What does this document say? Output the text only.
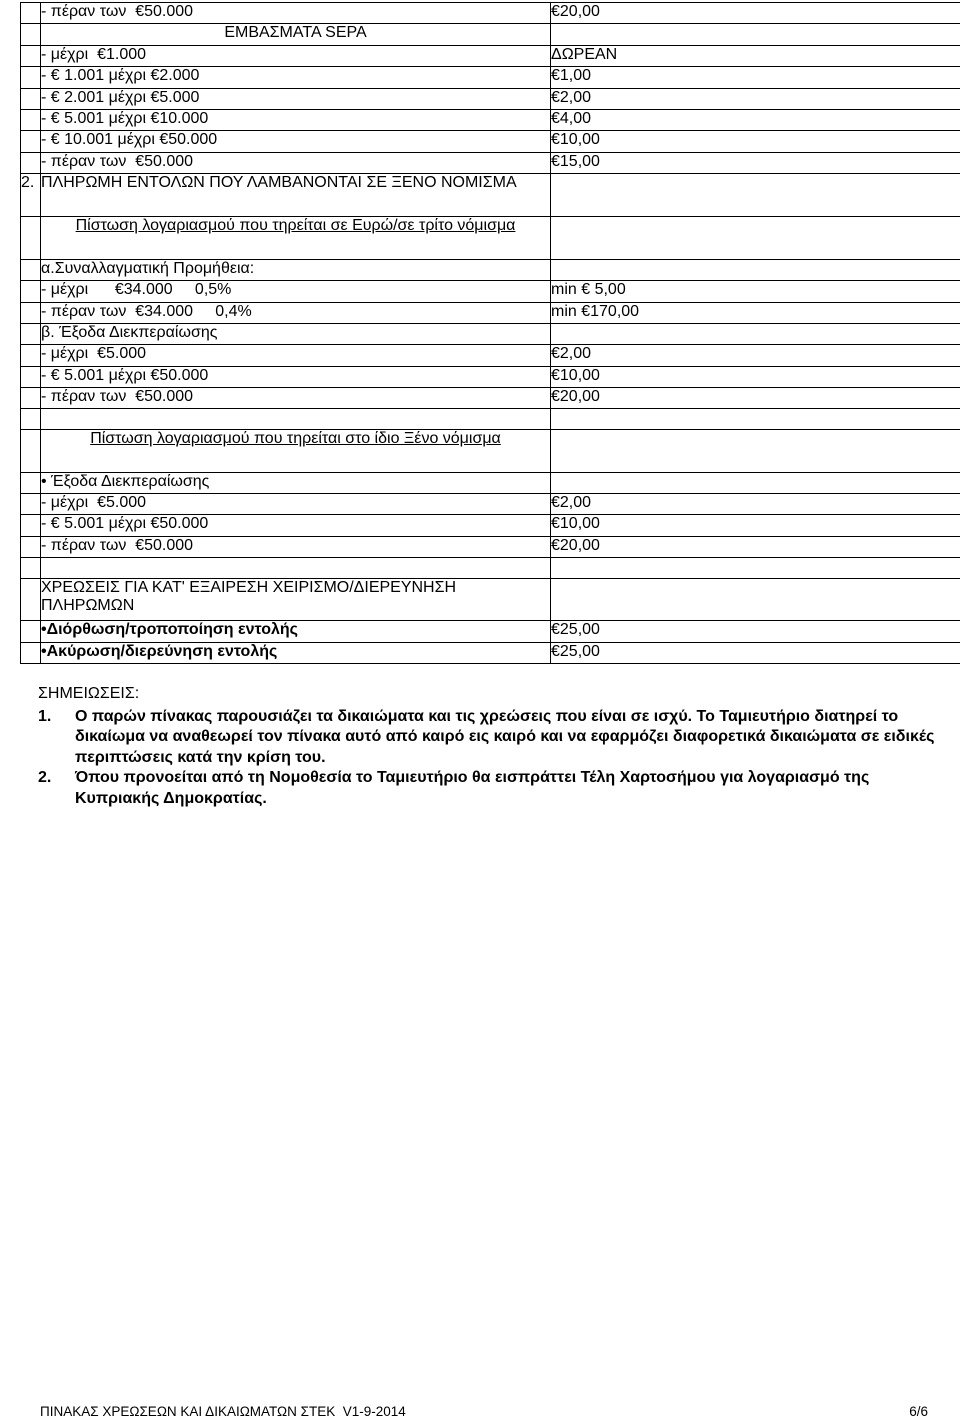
	- πέραν των  €50.000	€20,00
	ΕΜΒΑΣΜΑΤΑ SEPA	
	- μέχρι  €1.000	ΔΩΡΕΑΝ
	- € 1.001 μέχρι €2.000	€1,00
	- € 2.001 μέχρι €5.000	€2,00
	- € 5.001 μέχρι €10.000	€4,00
	- € 10.001 μέχρι €50.000	€10,00
	- πέραν των  €50.000	€15,00
2.	ΠΛΗΡΩΜΗ ΕΝΤΟΛΩΝ ΠΟΥ ΛΑΜΒΑΝΟΝΤΑΙ ΣΕ ΞΕΝΟ ΝΟΜΙΣΜΑ	
	Πίστωση λογαριασμού που τηρείται σε Ευρώ/σε τρίτο νόμισμα	
	α.Συναλλαγματική Προμήθεια:	
	- μέχρι      €34.000     0,5%	min € 5,00
	- πέραν των  €34.000     0,4%	min €170,00
	β. Έξοδα Διεκπεραίωσης	
	- μέχρι  €5.000	€2,00
	- € 5.001 μέχρι €50.000	€10,00
	- πέραν των  €50.000	€20,00

	Πίστωση λογαριασμού που τηρείται στο ίδιο Ξένο νόμισμα	
	• Έξοδα Διεκπεραίωσης	
	- μέχρι  €5.000	€2,00
	- € 5.001 μέχρι €50.000	€10,00
	- πέραν των  €50.000	€20,00

	ΧΡΕΩΣΕΙΣ ΓΙΑ ΚΑΤ' ΕΞΑΙΡΕΣΗ ΧΕΙΡΙΣΜΟ/ΔΙΕΡΕΥΝΗΣΗ ΠΛΗΡΩΜΩΝ	
	•Διόρθωση/τροποποίηση εντολής	€25,00
	•Ακύρωση/διερεύνηση εντολής	€25,00
ΣΗΜΕΙΩΣΕΙΣ:
1.	Ο παρών πίνακας παρουσιάζει τα δικαιώματα και τις χρεώσεις που είναι σε ισχύ. Το Ταμιευτήριο διατηρεί το δικαίωμα να αναθεωρεί τον πίνακα αυτό από καιρό εις καιρό και να εφαρμόζει διαφορετικά δικαιώματα σε ειδικές περιπτώσεις κατά την κρίση του.
2.	Όπου προνοείται από τη Νομοθεσία το Ταμιευτήριο θα εισπράττει Τέλη Χαρτοσήμου για λογαριασμό της Κυπριακής Δημοκρατίας.
ΠΙΝΑΚΑΣ ΧΡΕΩΣΕΩΝ ΚΑΙ ΔΙΚΑΙΩΜΑΤΩΝ ΣΤΕΚ  V1-9-2014	6/6
